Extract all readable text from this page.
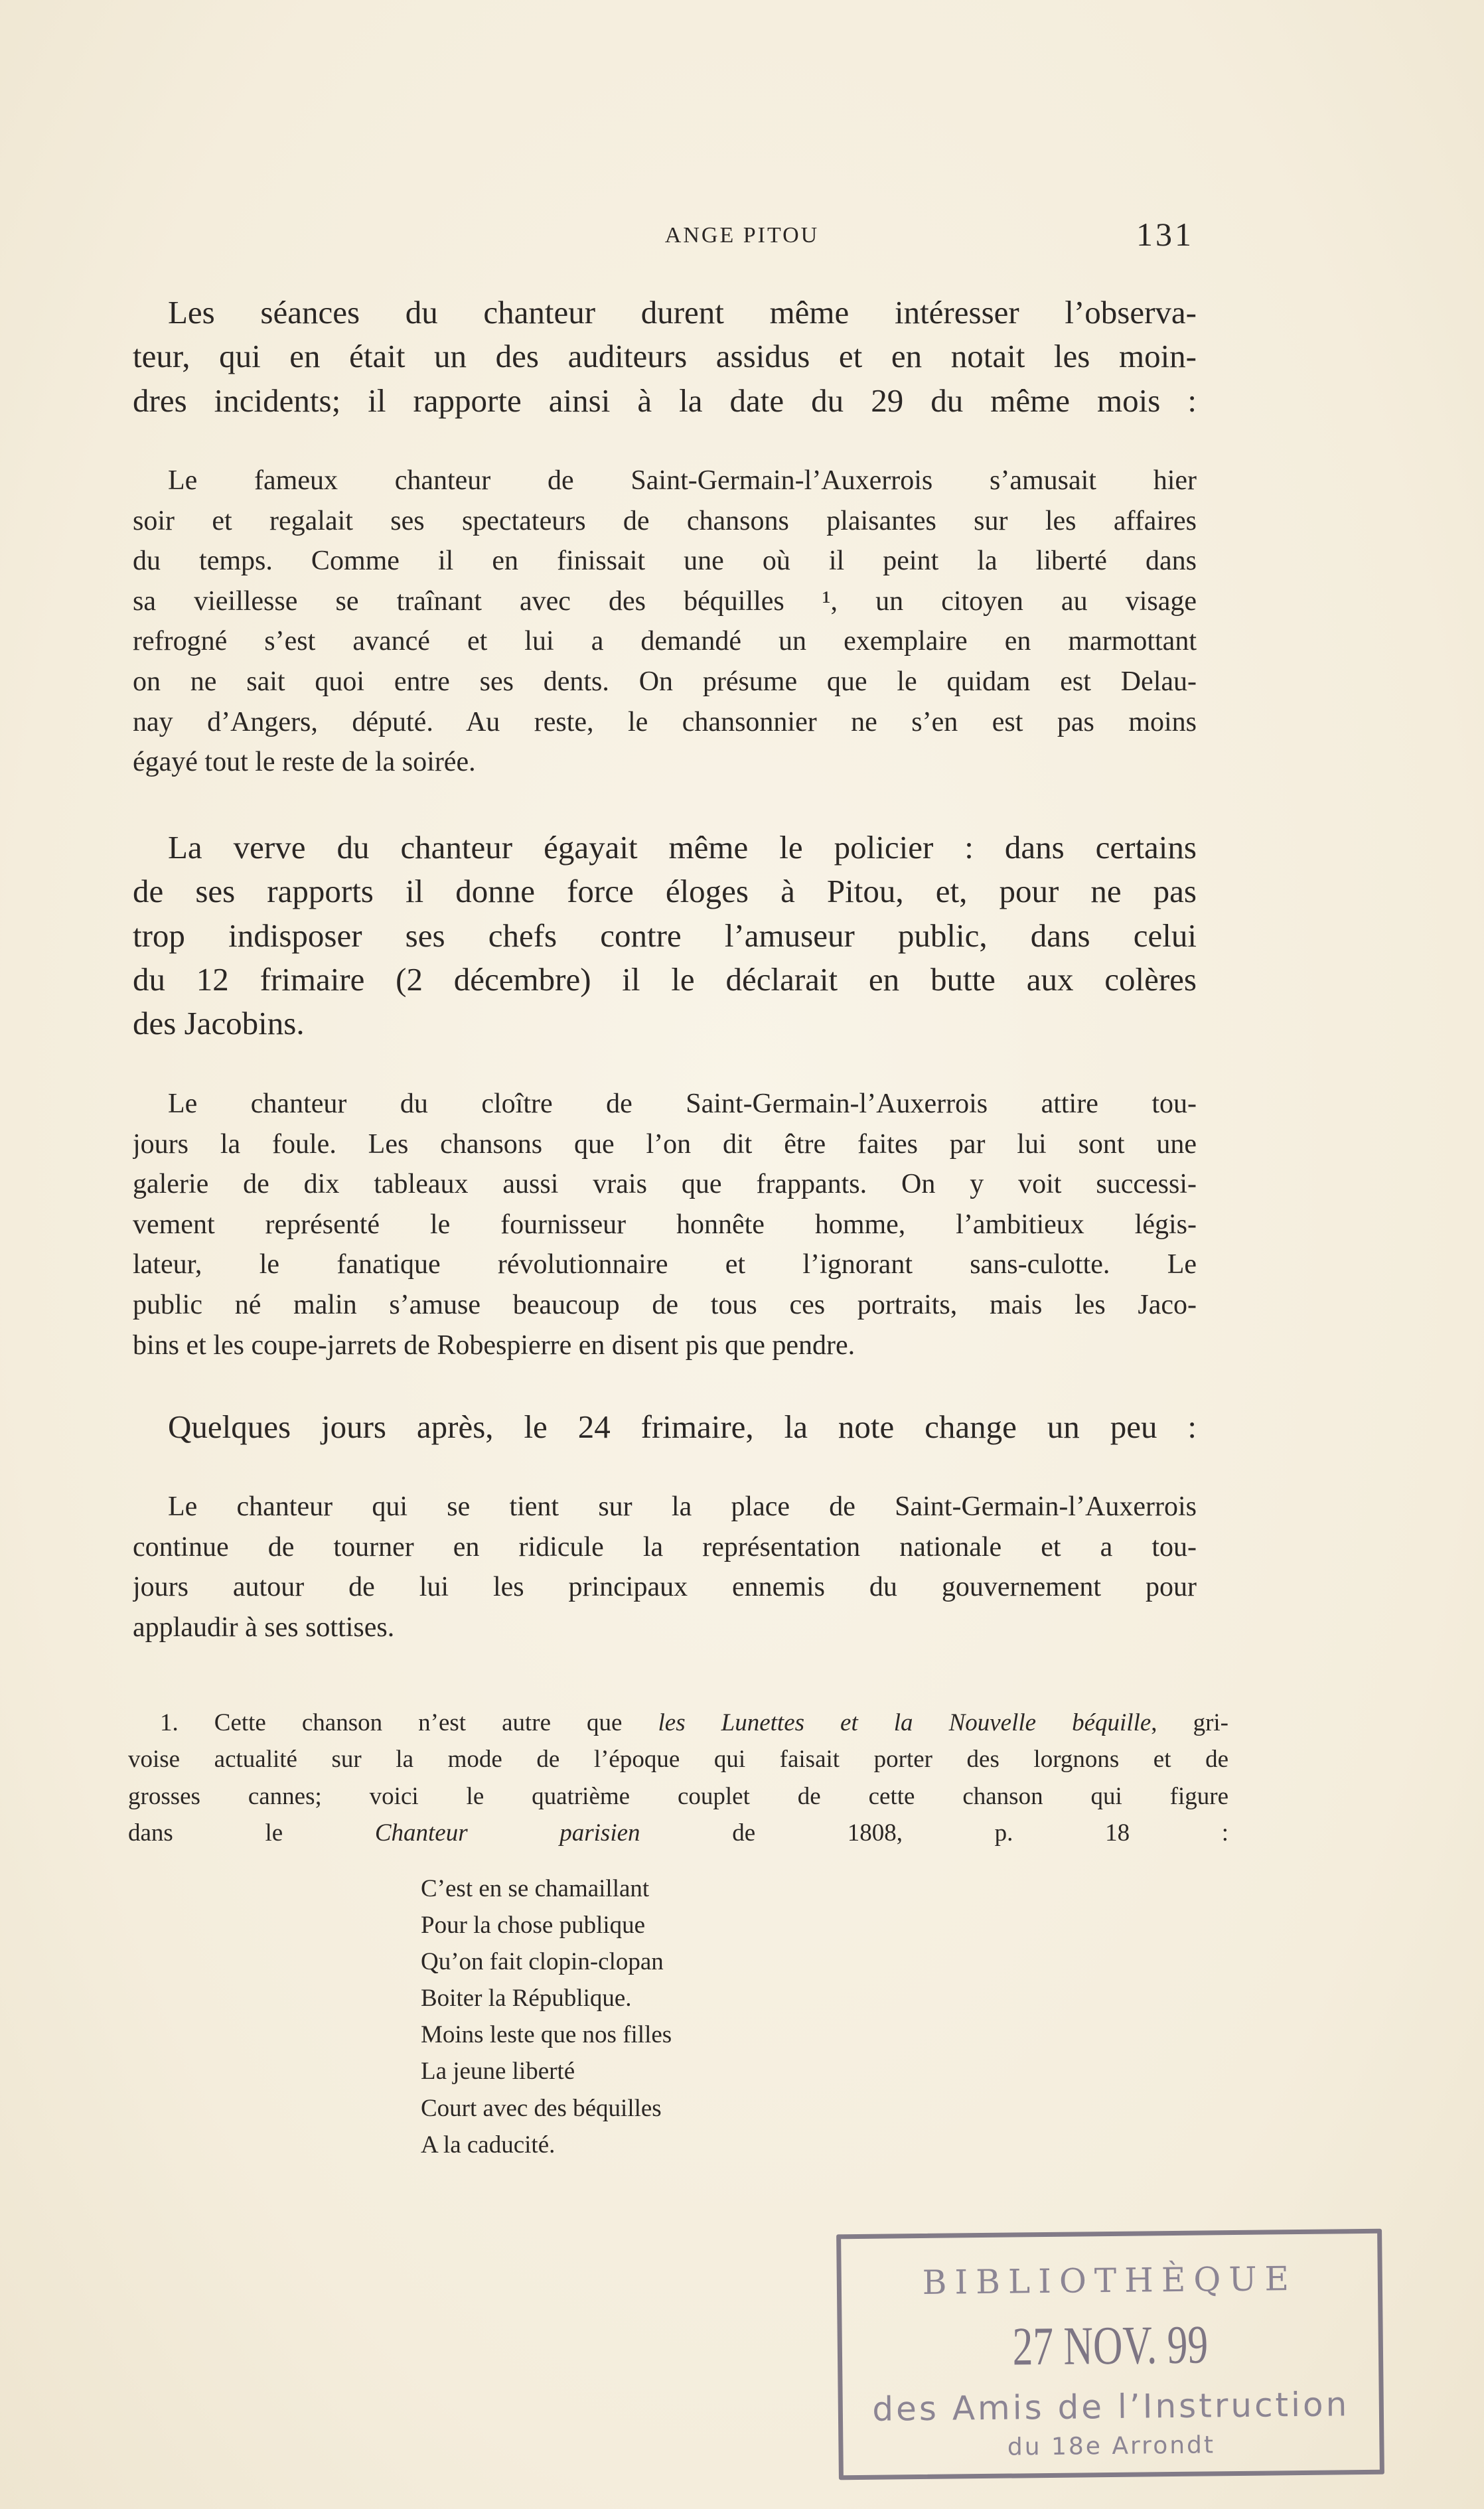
ANGE PITOU	131
Les séances du chanteur durent même intéresser l’observa-
teur, qui en était un des auditeurs assidus et en notait les moin-
dres incidents; il rapporte ainsi à la date du 29 du même mois :
Le fameux chanteur de Saint-Germain-l’Auxerrois s’amusait hier
soir et regalait ses spectateurs de chansons plaisantes sur les affaires
du temps. Comme il en finissait une où il peint la liberté dans
sa vieillesse se traînant avec des béquilles ¹, un citoyen au visage
refrogné s’est avancé et lui a demandé un exemplaire en marmottant
on ne sait quoi entre ses dents. On présume que le quidam est Delau-
nay d’Angers, député. Au reste, le chansonnier ne s’en est pas moins
égayé tout le reste de la soirée.
La verve du chanteur égayait même le policier : dans certains
de ses rapports il donne force éloges à Pitou, et, pour ne pas
trop indisposer ses chefs contre l’amuseur public, dans celui
du 12 frimaire (2 décembre) il le déclarait en butte aux colères
des Jacobins.
Le chanteur du cloître de Saint-Germain-l’Auxerrois attire tou-
jours la foule. Les chansons que l’on dit être faites par lui sont une
galerie de dix tableaux aussi vrais que frappants. On y voit successi-
vement représenté le fournisseur honnête homme, l’ambitieux légis-
lateur, le fanatique révolutionnaire et l’ignorant sans-culotte. Le
public né malin s’amuse beaucoup de tous ces portraits, mais les Jaco-
bins et les coupe-jarrets de Robespierre en disent pis que pendre.
Quelques jours après, le 24 frimaire, la note change un peu :
Le chanteur qui se tient sur la place de Saint-Germain-l’Auxerrois
continue de tourner en ridicule la représentation nationale et a tou-
jours autour de lui les principaux ennemis du gouvernement pour
applaudir à ses sottises.
1. Cette chanson n’est autre que les Lunettes et la Nouvelle béquille, gri-
voise actualité sur la mode de l’époque qui faisait porter des lorgnons et de
grosses cannes; voici le quatrième couplet de cette chanson qui figure
dans le Chanteur parisien de 1808, p. 18 :
C’est en se chamaillant
Pour la chose publique
Qu’on fait clopin-clopan
Boiter la République.
Moins leste que nos filles
La jeune liberté
Court avec des béquilles
A la caducité.
BIBLIOTHÈQUE
27 NOV. 99
des Amis de l’Instruction
du 18e Arrondt
